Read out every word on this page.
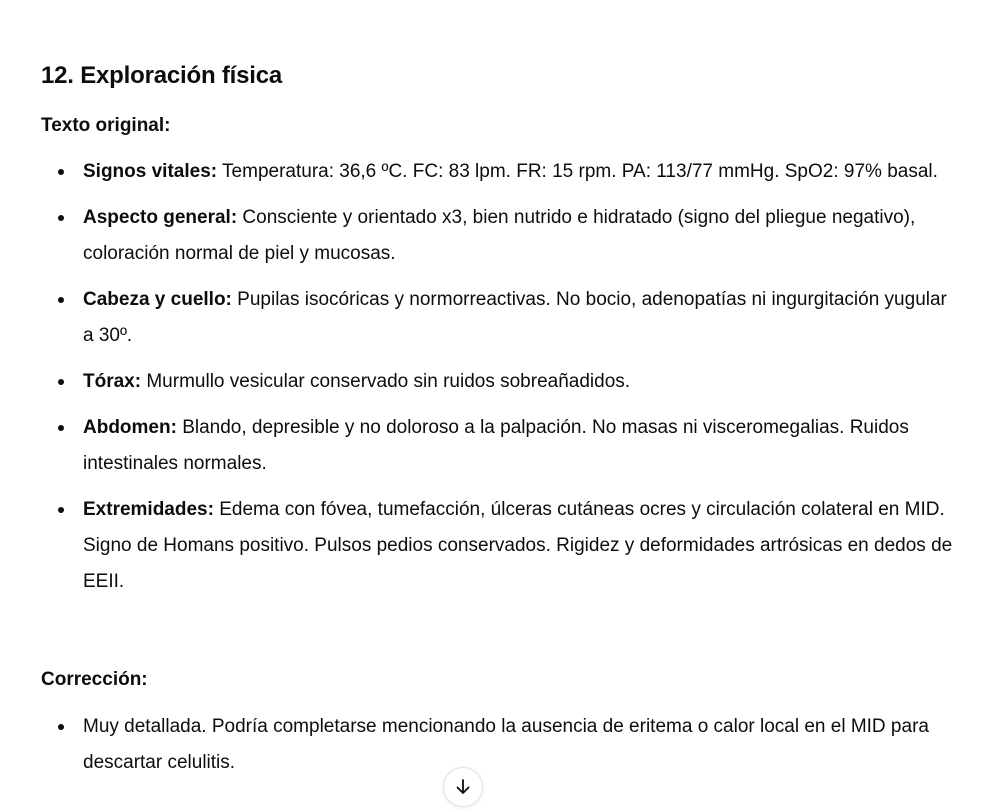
12. Exploración física
Texto original:
Signos vitales: Temperatura: 36,6 ºC. FC: 83 lpm. FR: 15 rpm. PA: 113/77 mmHg. SpO2: 97% basal.
Aspecto general: Consciente y orientado x3, bien nutrido e hidratado (signo del pliegue negativo), coloración normal de piel y mucosas.
Cabeza y cuello: Pupilas isocóricas y normorreactivas. No bocio, adenopatías ni ingurgitación yugular a 30º.
Tórax: Murmullo vesicular conservado sin ruidos sobreañadidos.
Abdomen: Blando, depresible y no doloroso a la palpación. No masas ni visceromegalias. Ruidos intestinales normales.
Extremidades: Edema con fóvea, tumefacción, úlceras cutáneas ocres y circulación colateral en MID. Signo de Homans positivo. Pulsos pedios conservados. Rigidez y deformidades artrósicas en dedos de EEII.
Corrección:
Muy detallada. Podría completarse mencionando la ausencia de eritema o calor local en el MID para descartar celulitis.
